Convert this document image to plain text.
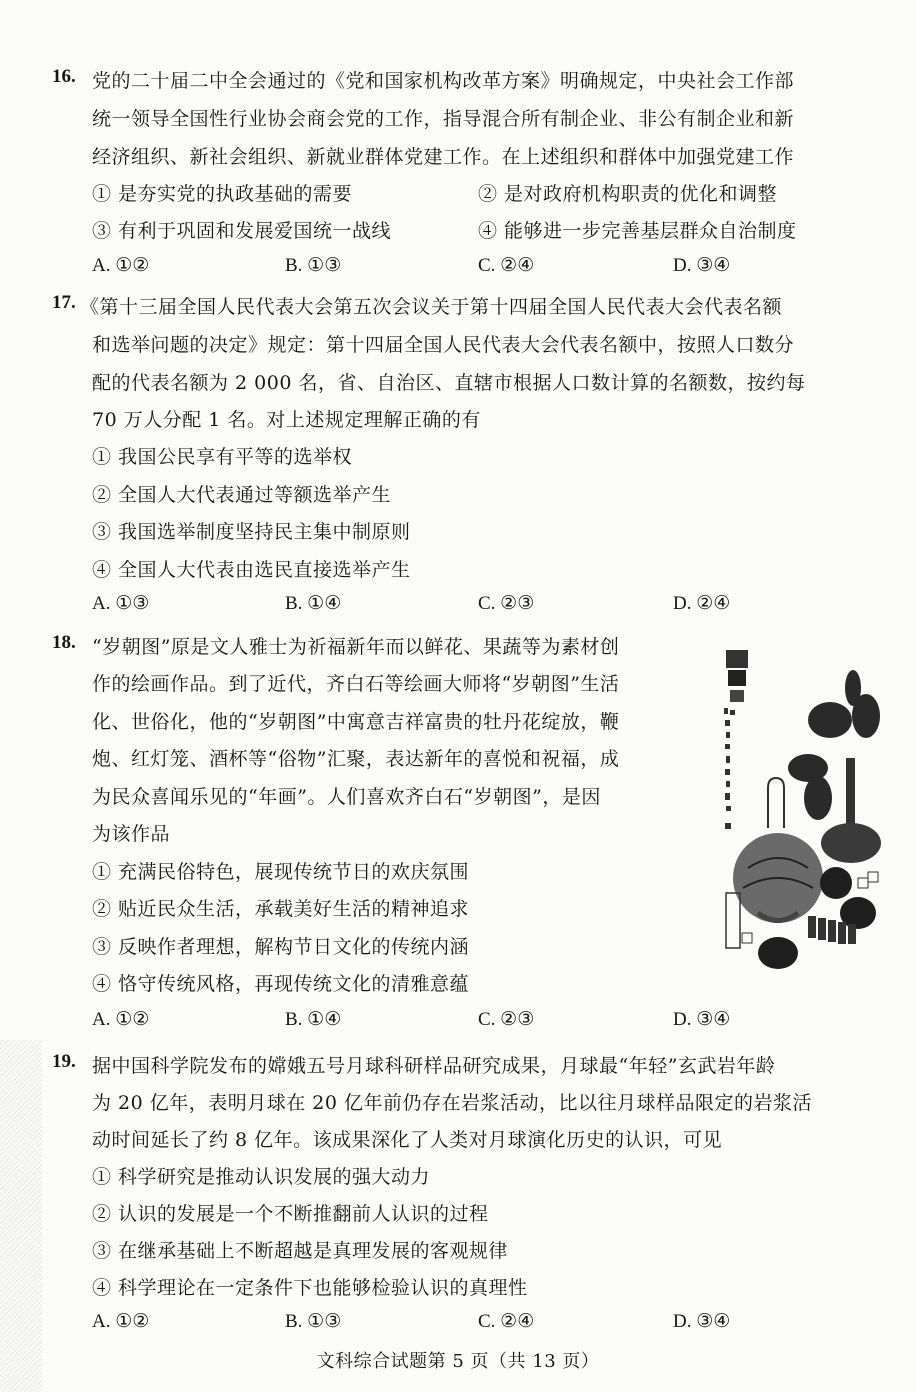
16. 党的二十届二中全会通过的《党和国家机构改革方案》明确规定，中央社会工作部
统一领导全国性行业协会商会党的工作，指导混合所有制企业、非公有制企业和新
经济组织、新社会组织、新就业群体党建工作。在上述组织和群体中加强党建工作
① 是夯实党的执政基础的需要	② 是对政府机构职责的优化和调整
③ 有利于巩固和发展爱国统一战线	④ 能够进一步完善基层群众自治制度
A. ①②	B. ①③	C. ②④	D. ③④
17. 《第十三届全国人民代表大会第五次会议关于第十四届全国人民代表大会代表名额
和选举问题的决定》规定：第十四届全国人民代表大会代表名额中，按照人口数分
配的代表名额为 2 000 名，省、自治区、直辖市根据人口数计算的名额数，按约每
70 万人分配 1 名。对上述规定理解正确的有
① 我国公民享有平等的选举权
② 全国人大代表通过等额选举产生
③ 我国选举制度坚持民主集中制原则
④ 全国人大代表由选民直接选举产生
A. ①③	B. ①④	C. ②③	D. ②④
18. “岁朝图”原是文人雅士为祈福新年而以鲜花、果蔬等为素材创
作的绘画作品。到了近代，齐白石等绘画大师将“岁朝图”生活
化、世俗化，他的“岁朝图”中寓意吉祥富贵的牡丹花绽放，鞭
炮、红灯笼、酒杯等“俗物”汇聚，表达新年的喜悦和祝福，成
为民众喜闻乐见的“年画”。人们喜欢齐白石“岁朝图”，是因
为该作品
① 充满民俗特色，展现传统节日的欢庆氛围
② 贴近民众生活，承载美好生活的精神追求
③ 反映作者理想，解构节日文化的传统内涵
④ 恪守传统风格，再现传统文化的清雅意蕴
A. ①②	B. ①④	C. ②③	D. ③④
19. 据中国科学院发布的嫦娥五号月球科研样品研究成果，月球最“年轻”玄武岩年龄
为 20 亿年，表明月球在 20 亿年前仍存在岩浆活动，比以往月球样品限定的岩浆活
动时间延长了约 8 亿年。该成果深化了人类对月球演化历史的认识，可见
① 科学研究是推动认识发展的强大动力
② 认识的发展是一个不断推翻前人认识的过程
③ 在继承基础上不断超越是真理发展的客观规律
④ 科学理论在一定条件下也能够检验认识的真理性
A. ①②	B. ①③	C. ②④	D. ③④
文科综合试题第 5 页（共 13 页）
